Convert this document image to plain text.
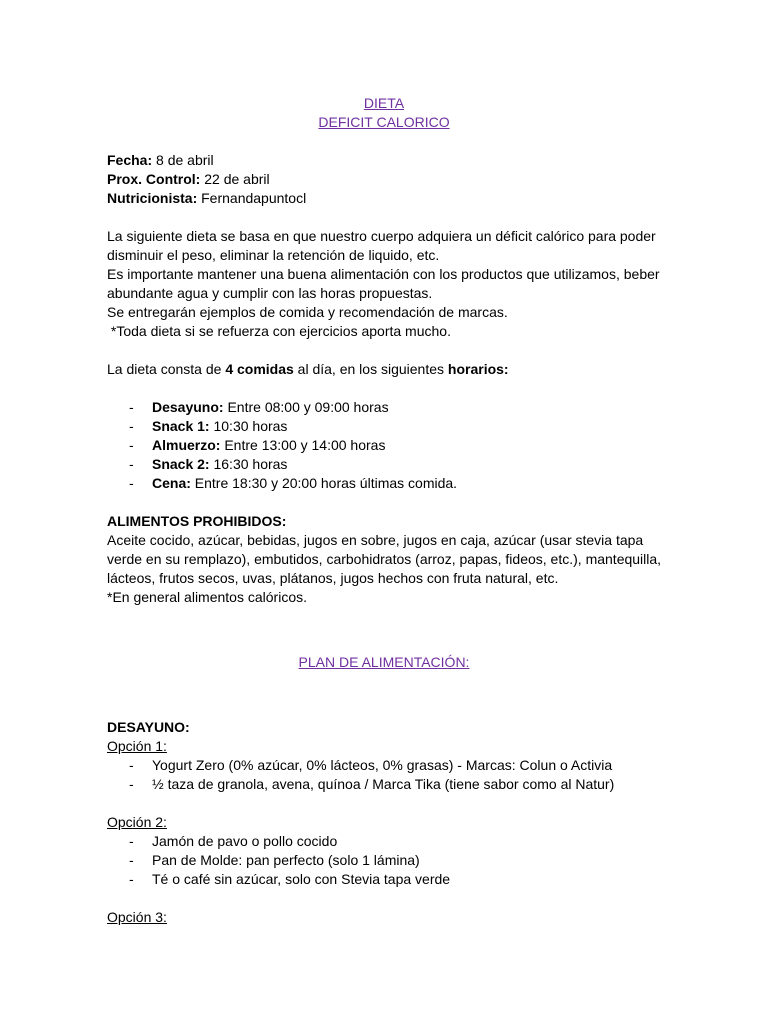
DIETA
DEFICIT CALORICO
Fecha: 8 de abril
Prox. Control: 22 de abril
Nutricionista: Fernandapuntocl
La siguiente dieta se basa en que nuestro cuerpo adquiera un déficit calórico para poder
disminuir el peso, eliminar la retención de liquido, etc.
Es importante mantener una buena alimentación con los productos que utilizamos, beber
abundante agua y cumplir con las horas propuestas.
Se entregarán ejemplos de comida y recomendación de marcas.
*Toda dieta si se refuerza con ejercicios aporta mucho.
La dieta consta de 4 comidas al día, en los siguientes horarios:
- Desayuno: Entre 08:00 y 09:00 horas
- Snack 1: 10:30 horas
- Almuerzo: Entre 13:00 y 14:00 horas
- Snack 2: 16:30 horas
- Cena: Entre 18:30 y 20:00 horas últimas comida.
ALIMENTOS PROHIBIDOS:
Aceite cocido, azúcar, bebidas, jugos en sobre, jugos en caja, azúcar (usar stevia tapa
verde en su remplazo), embutidos, carbohidratos (arroz, papas, fideos, etc.), mantequilla,
lácteos, frutos secos, uvas, plátanos, jugos hechos con fruta natural, etc.
*En general alimentos calóricos.
PLAN DE ALIMENTACIÓN:
DESAYUNO:
Opción 1:
- Yogurt Zero (0% azúcar, 0% lácteos, 0% grasas) - Marcas: Colun o Activia
- ½ taza de granola, avena, quínoa / Marca Tika (tiene sabor como al Natur)
Opción 2:
- Jamón de pavo o pollo cocido
- Pan de Molde: pan perfecto (solo 1 lámina)
- Té o café sin azúcar, solo con Stevia tapa verde
Opción 3:
